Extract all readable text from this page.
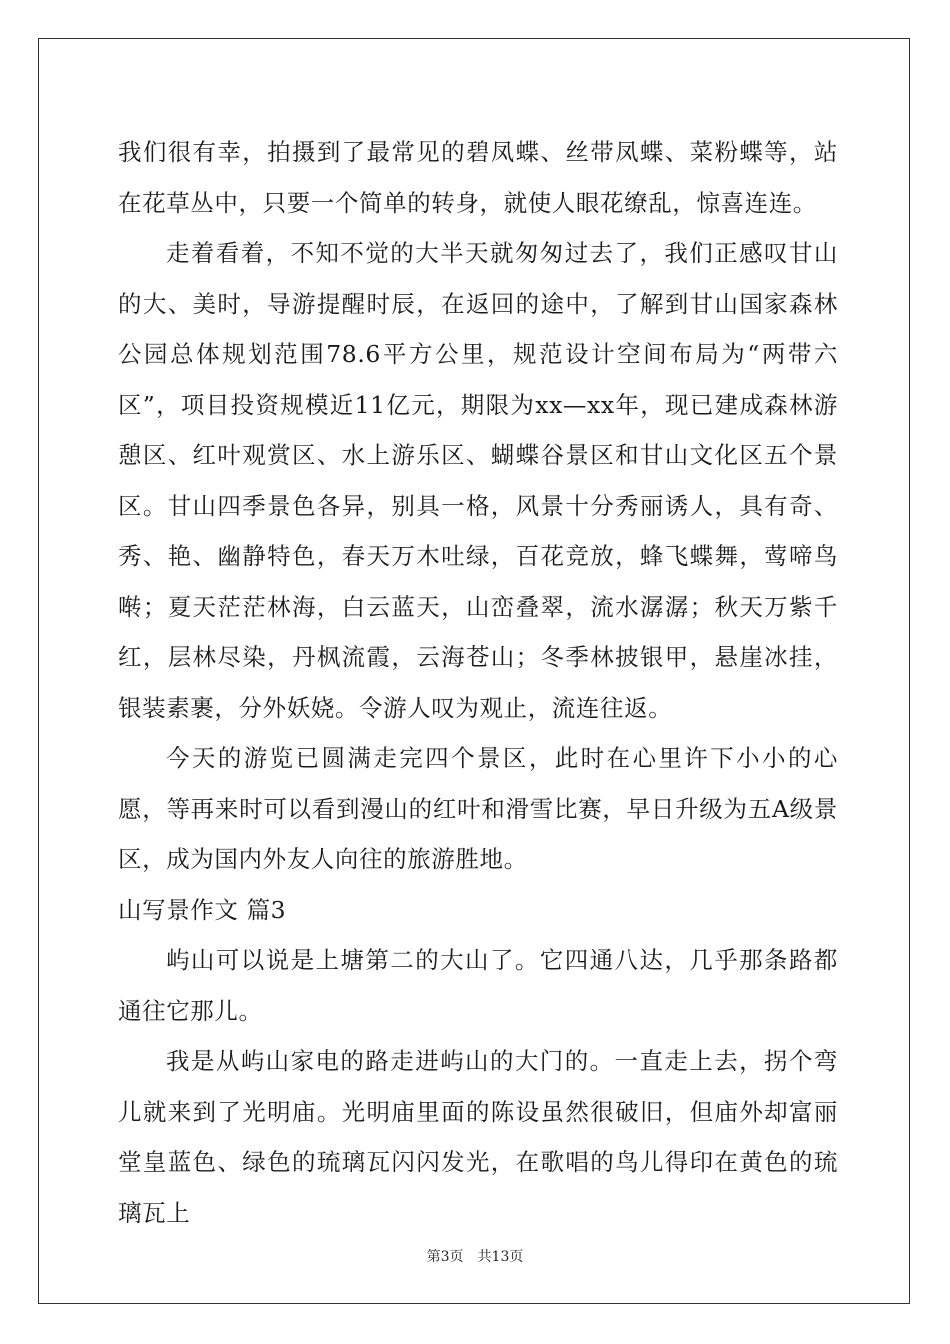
我们很有幸，拍摄到了最常见的碧凤蝶、丝带凤蝶、菜粉蝶等，站在花草丛中，只要一个简单的转身，就使人眼花缭乱，惊喜连连。

走着看着，不知不觉的大半天就匆匆过去了，我们正感叹甘山的大、美时，导游提醒时辰，在返回的途中，了解到甘山国家森林公园总体规划范围78.6平方公里，规范设计空间布局为“两带六区”，项目投资规模近11亿元，期限为xx—xx年，现已建成森林游憩区、红叶观赏区、水上游乐区、蝴蝶谷景区和甘山文化区五个景区。甘山四季景色各异，别具一格，风景十分秀丽诱人，具有奇、秀、艳、幽静特色，春天万木吐绿，百花竞放，蜂飞蝶舞，莺啼鸟啭；夏天茫茫林海，白云蓝天，山峦叠翠，流水潺潺；秋天万紫千红，层林尽染，丹枫流霞，云海苍山；冬季林披银甲，悬崖冰挂，银装素裹，分外妖娆。令游人叹为观止，流连往返。

今天的游览已圆满走完四个景区，此时在心里许下小小的心愿，等再来时可以看到漫山的红叶和滑雪比赛，早日升级为五A级景区，成为国内外友人向往的旅游胜地。

山写景作文 篇3

屿山可以说是上塘第二的大山了。它四通八达，几乎那条路都通往它那儿。

我是从屿山家电的路走进屿山的大门的。一直走上去，拐个弯儿就来到了光明庙。光明庙里面的陈设虽然很破旧，但庙外却富丽堂皇蓝色、绿色的琉璃瓦闪闪发光，在歌唱的鸟儿得印在黄色的琉璃瓦上

第3页 共13页
